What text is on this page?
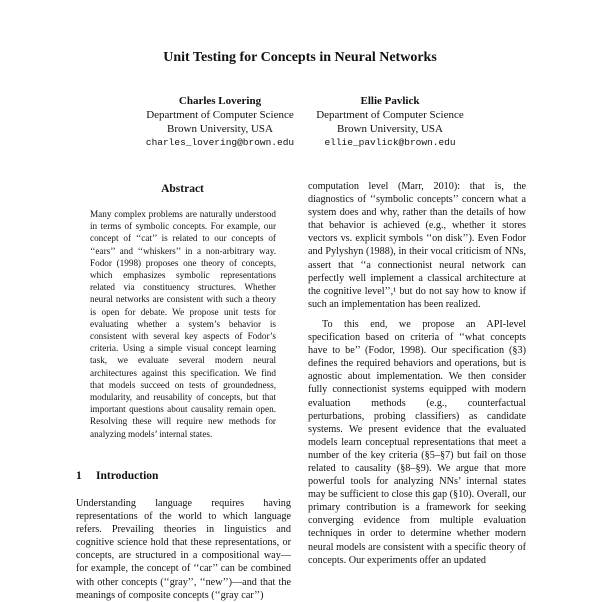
Unit Testing for Concepts in Neural Networks
Charles Lovering
Department of Computer Science
Brown University, USA
charles_lovering@brown.edu
Ellie Pavlick
Department of Computer Science
Brown University, USA
ellie_pavlick@brown.edu
Abstract

Many complex problems are naturally understood in terms of symbolic concepts. For example, our concept of ‘‘cat’’ is related to our concepts of ‘‘ears’’ and ‘‘whiskers’’ in a non-arbitrary way. Fodor (1998) proposes one theory of concepts, which emphasizes symbolic representations related via constituency structures. Whether neural networks are consistent with such a theory is open for debate. We propose unit tests for evaluating whether a system’s behavior is consistent with several key aspects of Fodor’s criteria. Using a simple visual concept learning task, we evaluate several modern neural architectures against this specification. We find that models succeed on tests of groundedness, modularity, and reusability of concepts, but that important questions about causality remain open. Resolving these will require new methods for analyzing models’ internal states.

1 Introduction

Understanding language requires having representations of the world to which language refers. Prevailing theories in linguistics and cognitive science hold that these representations, or concepts, are structured in a compositional way—for example, the concept of ‘‘car’’ can be combined with other concepts (‘‘gray’’, ‘‘new’’)—and that the meanings of composite concepts (‘‘gray car’’)

computation level (Marr, 2010): that is, the diagnostics of ‘‘symbolic concepts’’ concern what a system does and why, rather than the details of how that behavior is achieved (e.g., whether it stores vectors vs. explicit symbols ‘‘on disk’’). Even Fodor and Pylyshyn (1988), in their vocal criticism of NNs, assert that ‘‘a connectionist neural network can perfectly well implement a classical architecture at the cognitive level’’,¹ but do not say how to know if such an implementation has been realized.

To this end, we propose an API-level specification based on criteria of ‘‘what concepts have to be’’ (Fodor, 1998). Our specification (§3) defines the required behaviors and operations, but is agnostic about implementation. We then consider fully connectionist systems equipped with modern evaluation methods (e.g., counterfactual perturbations, probing classifiers) as candidate systems. We present evidence that the evaluated models learn conceptual representations that meet a number of the key criteria (§5–§7) but fail on those related to causality (§8–§9). We argue that more powerful tools for analyzing NNs’ internal states may be sufficient to close this gap (§10). Overall, our primary contribution is a framework for seeking converging evidence from multiple evaluation techniques in order to determine whether modern neural models are consistent with a specific theory of concepts. Our experiments offer an updated
